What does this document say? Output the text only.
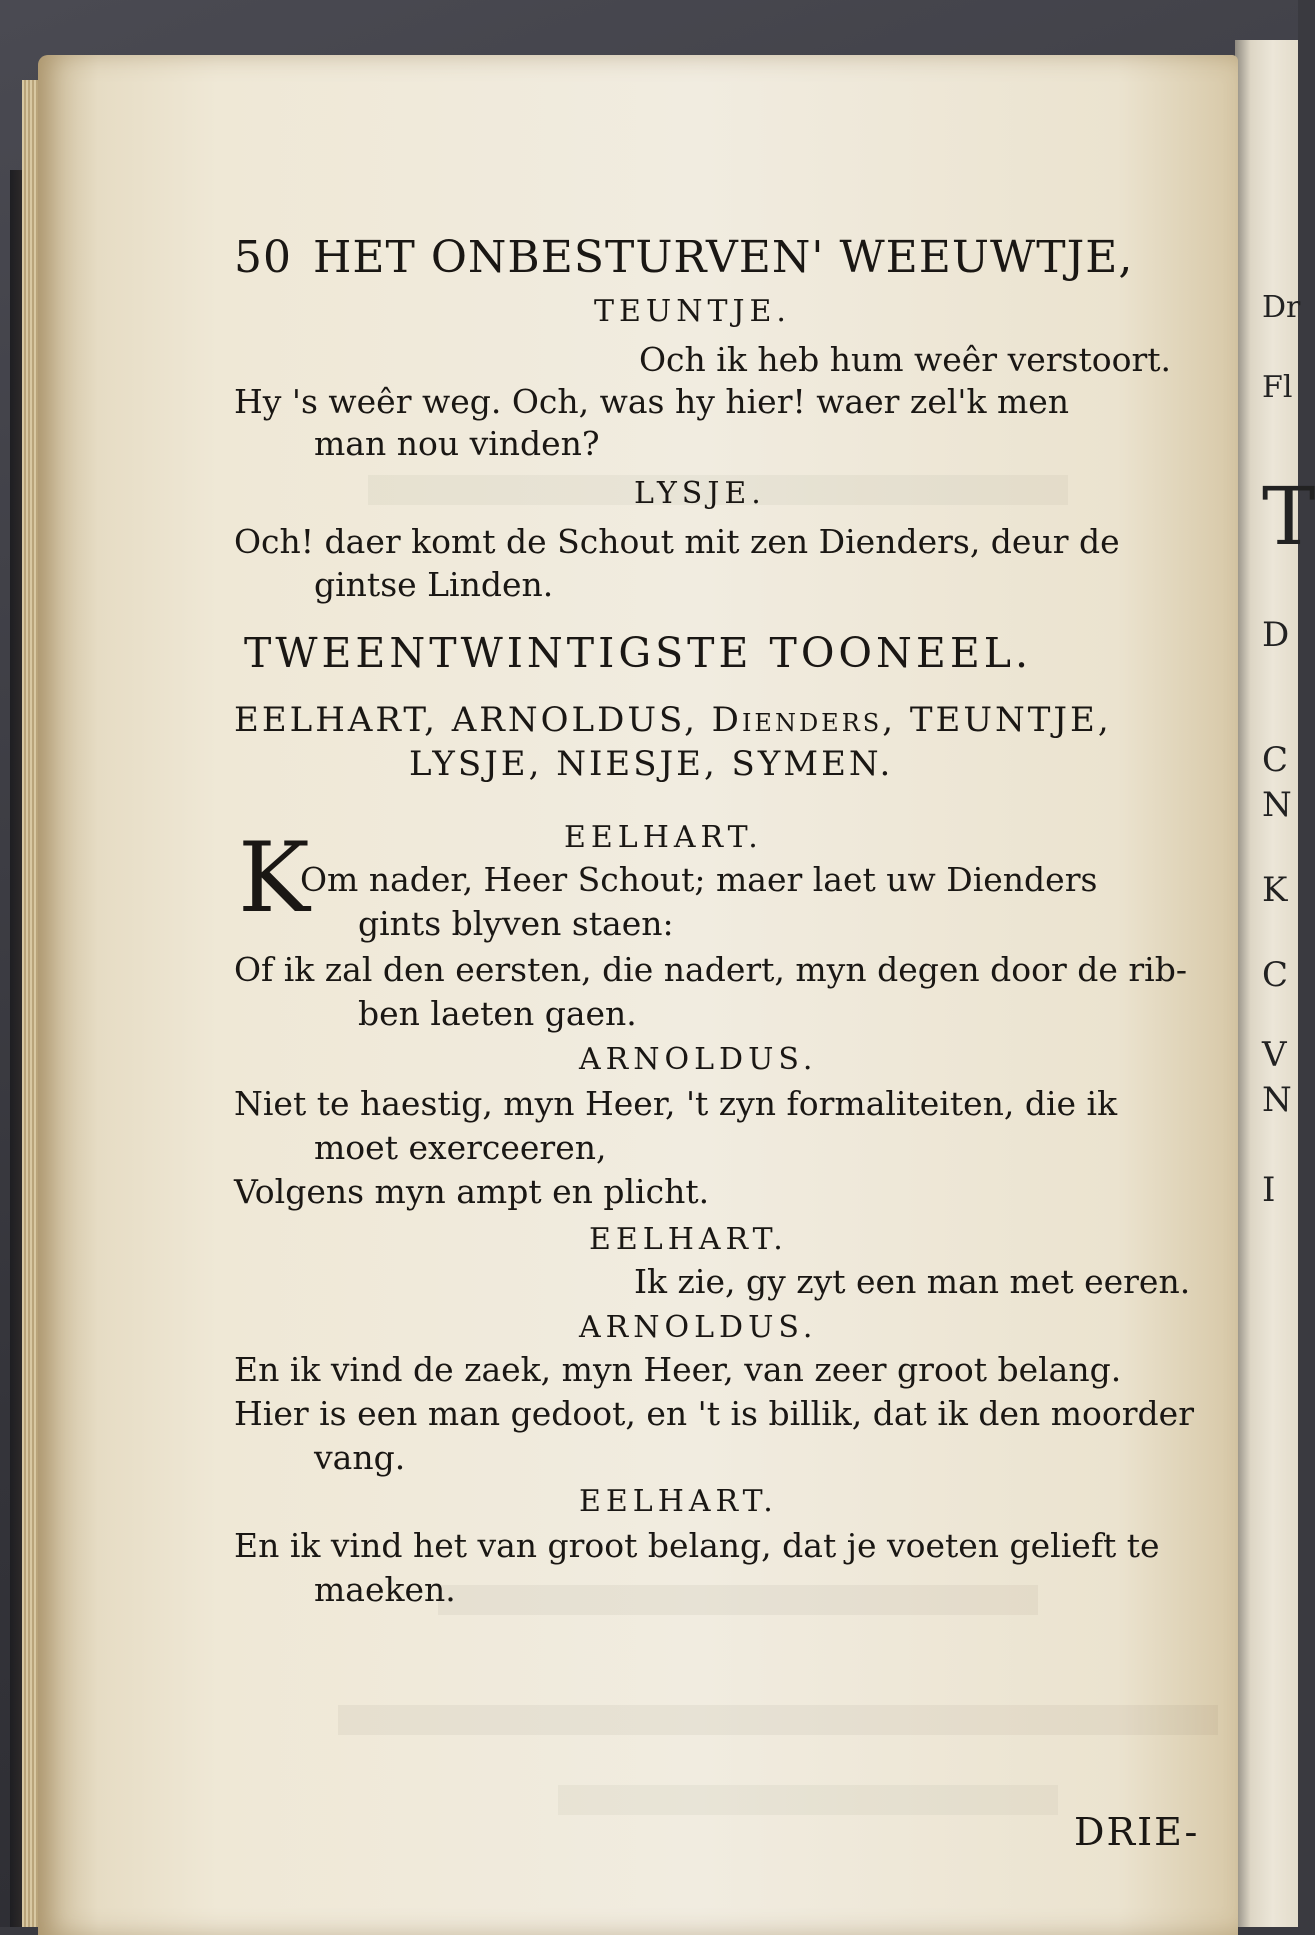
Dr
Fl
T
D
C
N
K
C
V
N
I
50 HET ONBESTURVEN' WEEUWTJE,
TEUNTJE.
Och ik heb hum weêr verstoort.
Hy 's weêr weg. Och, was hy hier! waer zel'k men
man nou vinden?
LYSJE.
Och! daer komt de Schout mit zen Dienders, deur de
gintse Linden.
TWEENTWINTIGSTE TOONEEL.
EELHART, ARNOLDUS, Dienders, TEUNTJE,
LYSJE, NIESJE, SYMEN.
EELHART.
K
Om nader, Heer Schout; maer laet uw Dienders
gints blyven staen:
Of ik zal den eersten, die nadert, myn degen door de rib-
ben laeten gaen.
ARNOLDUS.
Niet te haestig, myn Heer, 't zyn formaliteiten, die ik
moet exerceeren,
Volgens myn ampt en plicht.
EELHART.
Ik zie, gy zyt een man met eeren.
ARNOLDUS.
En ik vind de zaek, myn Heer, van zeer groot belang.
Hier is een man gedoot, en 't is billik, dat ik den moorder
vang.
EELHART.
En ik vind het van groot belang, dat je voeten gelieft te
maeken.
DRIE-
